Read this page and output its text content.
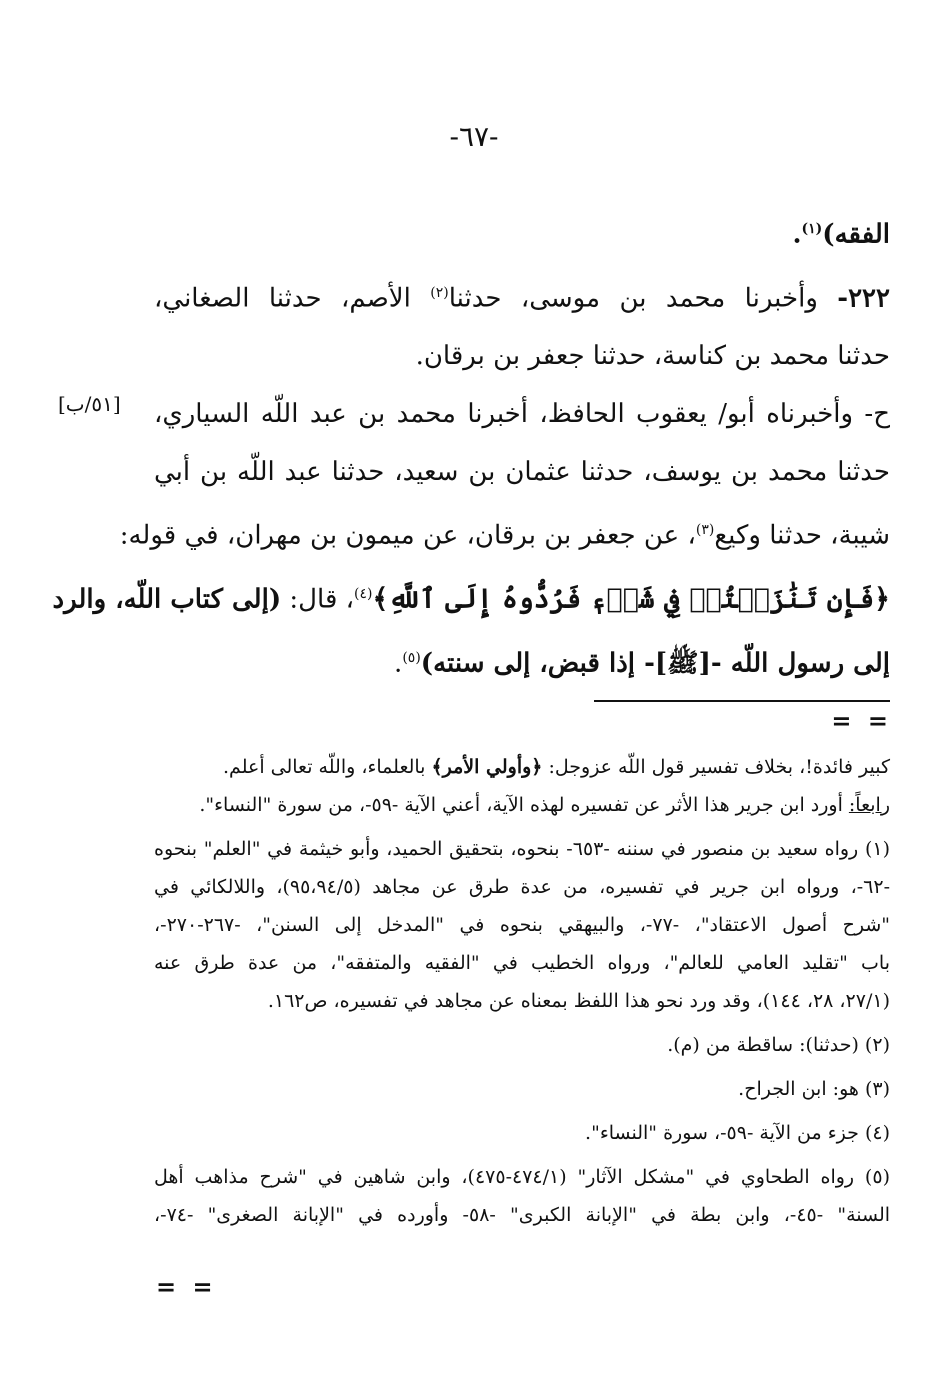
-٦٧-
[٥١/ب]
الفقه)$^{(١)}$.
٢٢٢- وأخبرنا محمد بن موسى، حدثنا$^{(٢)}$ الأصم، حدثنا الصغاني،
حدثنا محمد بن كناسة، حدثنا جعفر بن برقان.
ح- وأخبرناه أبو/ يعقوب الحافظ، أخبرنا محمد بن عبد اللّه السياري،
حدثنا محمد بن يوسف، حدثنا عثمان بن سعيد، حدثنا عبد اللّه بن أبي
شيبة، حدثنا وكيع$^{(٣)}$، عن جعفر بن برقان، عن ميمون بن مهران، في قوله:
﴿فَإِن تَنَٰزَعۡتُمۡ فِي شَيۡءٖ فَرُدُّوهُ إِلَى ٱللَّهِ﴾$^{(٤)}$، قال: (إلى كتاب اللّه، والرد
إلى رسول اللّه -[ﷺ]- إذا قبض، إلى سنته)$^{(٥)}$.
= =
كبير فائدة!، بخلاف تفسير قول اللّه عزوجل: ﴿وأولي الأمر﴾ بالعلماء، واللّه تعالى أعلم.
رابعاً: أورد ابن جرير هذا الأثر عن تفسيره لهذه الآية، أعني الآية -٥٩-، من سورة "النساء".
(١) رواه سعيد بن منصور في سننه -٦٥٣- بنحوه، بتحقيق الحميد، وأبو خيثمة في "العلم" بنحوه
-٦٢-، ورواه ابن جرير في تفسيره، من عدة طرق عن مجاهد (٩٥،٩٤/٥)، واللالكائي في
"شرح أصول الاعتقاد"، -٧٧-، والبيهقي بنحوه في "المدخل إلى السنن"، -٢٦٧-٢٧٠-،
باب "تقليد العامي للعالم"، ورواه الخطيب في "الفقيه والمتفقه"، من عدة طرق عنه
(٢٧/١، ٢٨، ١٤٤)، وقد ورد نحو هذا اللفظ بمعناه عن مجاهد في تفسيره، ص١٦٢.
(٢) (حدثنا): ساقطة من (م).
(٣) هو: ابن الجراح.
(٤) جزء من الآية -٥٩-، سورة "النساء".
(٥) رواه الطحاوي في "مشكل الآثار" (٤٧٤/١-٤٧٥)، وابن شاهين في "شرح مذاهب أهل
السنة" -٤٥-، وابن بطة في "الإبانة الكبرى" -٥٨- وأورده في "الإبانة الصغرى" -٧٤-،
= =
